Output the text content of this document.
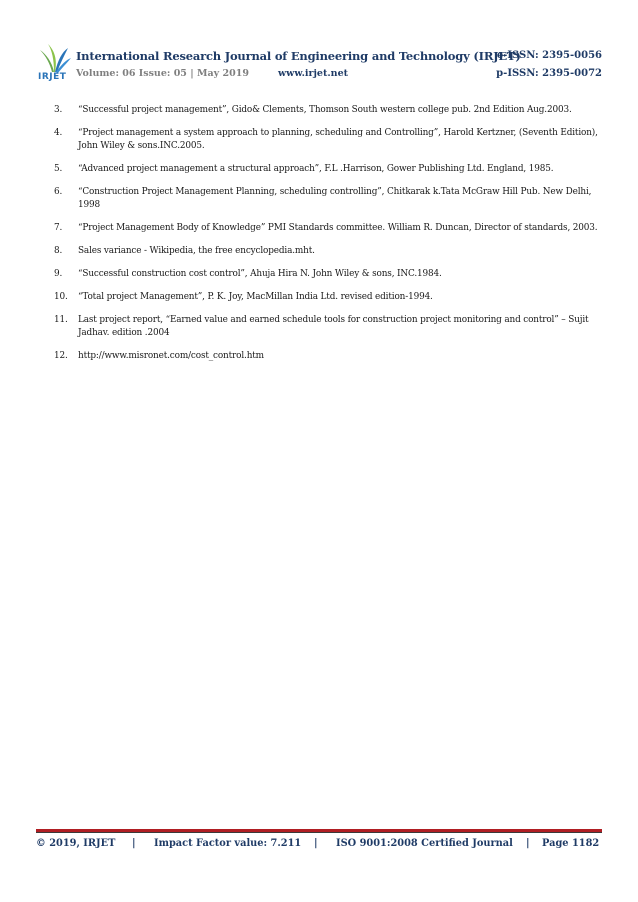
IRJET
International Research Journal of Engineering and Technology (IRJET)
e-ISSN: 2395-0056
Volume: 06 Issue: 05 | May 2019	www.irjet.net	p-ISSN: 2395-0072
3.	“Successful project management”, Gido& Clements, Thomson South western college pub. 2nd Edition Aug.2003.
4.	“Project management a system approach to planning, scheduling and Controlling”, Harold Kertzner, (Seventh Edition), John Wiley & sons.INC.2005.
5.	“Advanced project management a structural approach”, F.L .Harrison, Gower Publishing Ltd. England, 1985.
6.	“Construction Project Management Planning, scheduling controlling”, Chitkarak k.Tata McGraw Hill Pub. New Delhi, 1998
7.	“Project Management Body of Knowledge” PMI Standards committee. William R. Duncan, Director of standards, 2003.
8.	Sales variance - Wikipedia, the free encyclopedia.mht.
9.	“Successful construction cost control”, Ahuja Hira N. John Wiley & sons, INC.1984.
10.	“Total project Management”, P. K. Joy, MacMillan India Ltd. revised edition-1994.
11.	Last project report, “Earned value and earned schedule tools for construction project monitoring and control” – Sujit Jadhav. edition .2004
12.	http://www.misronet.com/cost_control.htm
© 2019, IRJET | Impact Factor value: 7.211 | ISO 9001:2008 Certified Journal | Page 1182
